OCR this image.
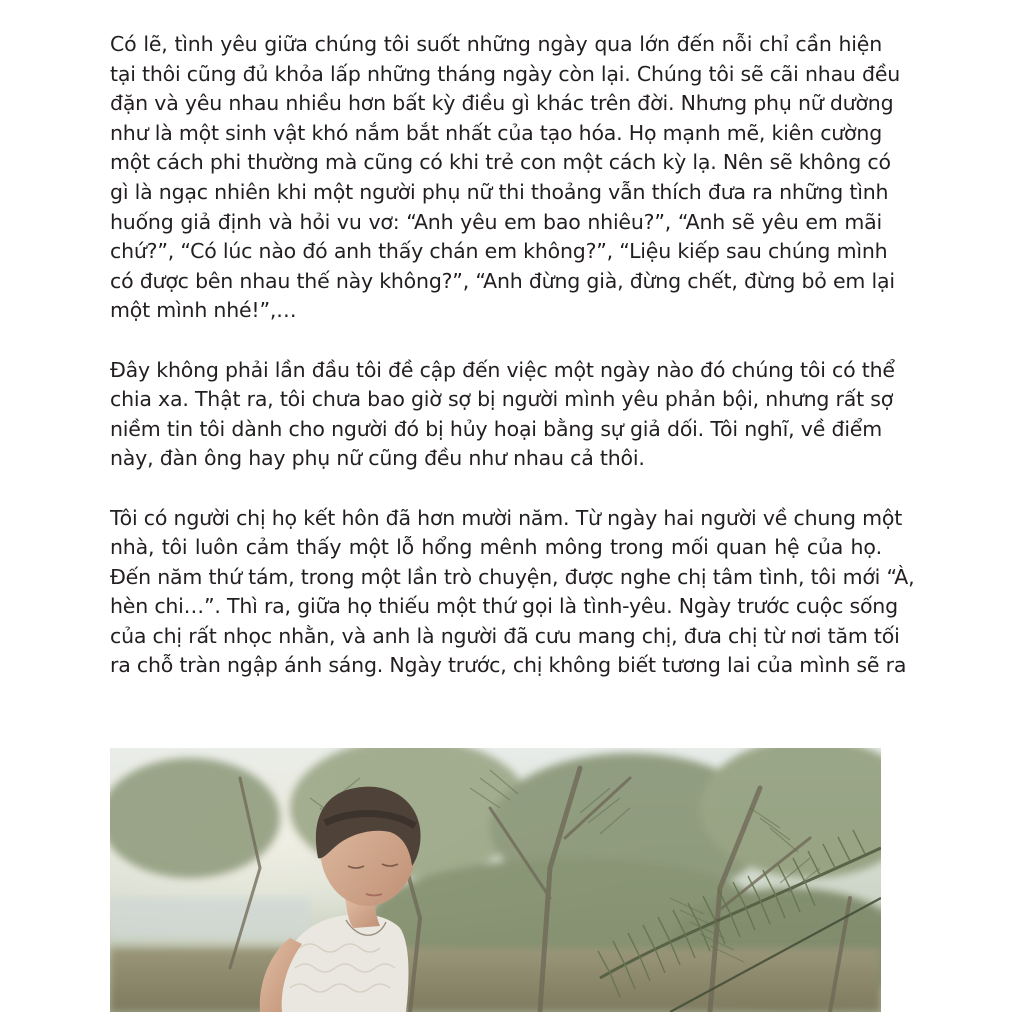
Có lẽ, tình yêu giữa chúng tôi suốt những ngày qua lớn đến nỗi chỉ cần hiện
tại thôi cũng đủ khỏa lấp những tháng ngày còn lại. Chúng tôi sẽ cãi nhau đều
đặn và yêu nhau nhiều hơn bất kỳ điều gì khác trên đời. Nhưng phụ nữ dường
như là một sinh vật khó nắm bắt nhất của tạo hóa. Họ mạnh mẽ, kiên cường
một cách phi thường mà cũng có khi trẻ con một cách kỳ lạ. Nên sẽ không có
gì là ngạc nhiên khi một người phụ nữ thi thoảng vẫn thích đưa ra những tình
huống giả định và hỏi vu vơ: “Anh yêu em bao nhiêu?”, “Anh sẽ yêu em mãi
chứ?”, “Có lúc nào đó anh thấy chán em không?”, “Liệu kiếp sau chúng mình
có được bên nhau thế này không?”, “Anh đừng già, đừng chết, đừng bỏ em lại
một mình nhé!”,…
Đây không phải lần đầu tôi đề cập đến việc một ngày nào đó chúng tôi có thể
chia xa. Thật ra, tôi chưa bao giờ sợ bị người mình yêu phản bội, nhưng rất sợ
niềm tin tôi dành cho người đó bị hủy hoại bằng sự giả dối. Tôi nghĩ, về điểm
này, đàn ông hay phụ nữ cũng đều như nhau cả thôi.
Tôi có người chị họ kết hôn đã hơn mười năm. Từ ngày hai người về chung một
nhà, tôi luôn cảm thấy một lỗ hổng mênh mông trong mối quan hệ của họ.
Đến năm thứ tám, trong một lần trò chuyện, được nghe chị tâm tình, tôi mới “À,
hèn chi…”. Thì ra, giữa họ thiếu một thứ gọi là tình-yêu. Ngày trước cuộc sống
của chị rất nhọc nhằn, và anh là người đã cưu mang chị, đưa chị từ nơi tăm tối
ra chỗ tràn ngập ánh sáng. Ngày trước, chị không biết tương lai của mình sẽ ra
